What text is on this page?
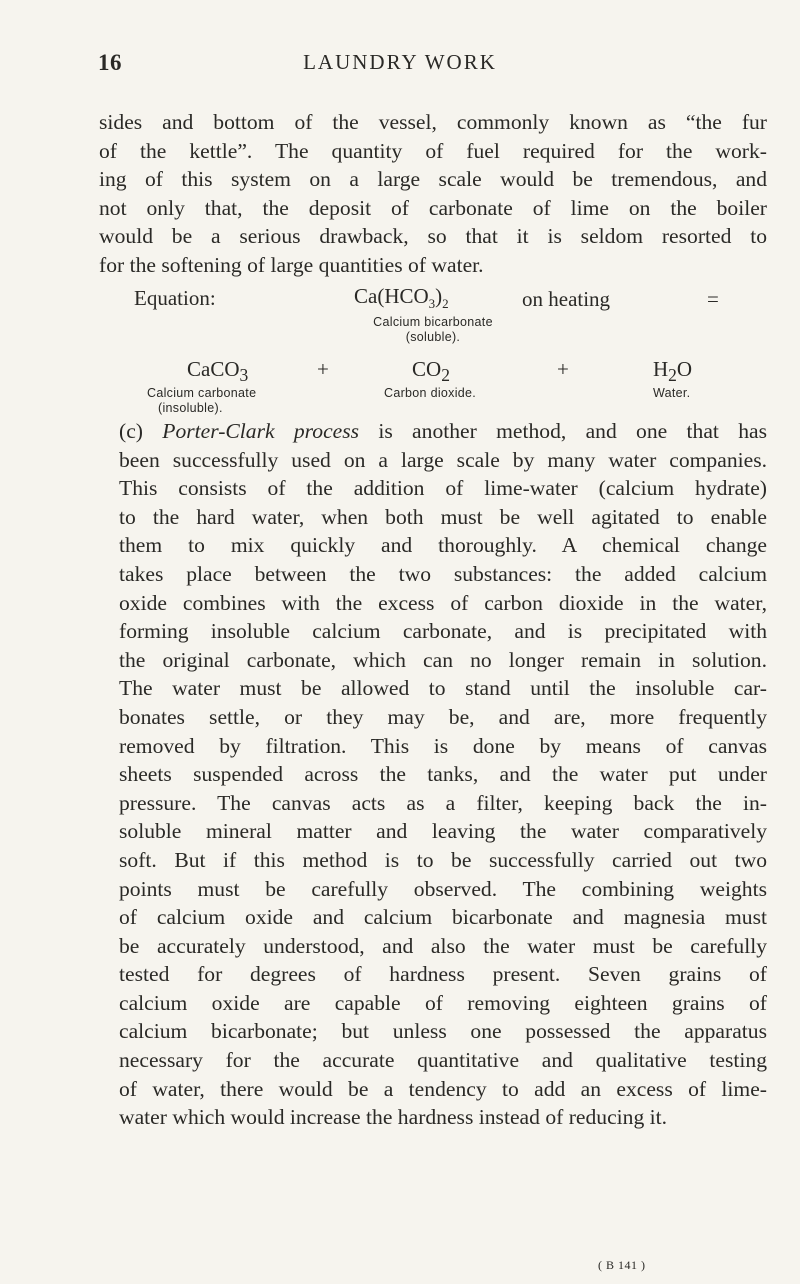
16	LAUNDRY WORK

sides and bottom of the vessel, commonly known as “the fur
of the kettle”. The quantity of fuel required for the work-
ing of this system on a large scale would be tremendous, and
not only that, the deposit of carbonate of lime on the boiler
would be a serious drawback, so that it is seldom resorted to
for the softening of large quantities of water.

Equation:	$Ca(HCO_3)_2$	on heating	=
Calcium bicarbonate
(soluble).
CaCO$_3$	+	$CO_2$	+	$H_2O$
Calcium carbonate
(insoluble).
Carbon dioxide.	Water.

(c) Porter-Clark process is another method, and one that has
been successfully used on a large scale by many water companies.
This consists of the addition of lime-water (calcium hydrate)
to the hard water, when both must be well agitated to enable
them to mix quickly and thoroughly. A chemical change
takes place between the two substances: the added calcium
oxide combines with the excess of carbon dioxide in the water,
forming insoluble calcium carbonate, and is precipitated with
the original carbonate, which can no longer remain in solution.
The water must be allowed to stand until the insoluble car-
bonates settle, or they may be, and are, more frequently
removed by filtration. This is done by means of canvas
sheets suspended across the tanks, and the water put under
pressure. The canvas acts as a filter, keeping back the in-
soluble mineral matter and leaving the water comparatively
soft. But if this method is to be successfully carried out two
points must be carefully observed. The combining weights
of calcium oxide and calcium bicarbonate and magnesia must
be accurately understood, and also the water must be carefully
tested for degrees of hardness present. Seven grains of
calcium oxide are capable of removing eighteen grains of
calcium bicarbonate; but unless one possessed the apparatus
necessary for the accurate quantitative and qualitative testing
of water, there would be a tendency to add an excess of lime-
water which would increase the hardness instead of reducing it.

( B 141 )
